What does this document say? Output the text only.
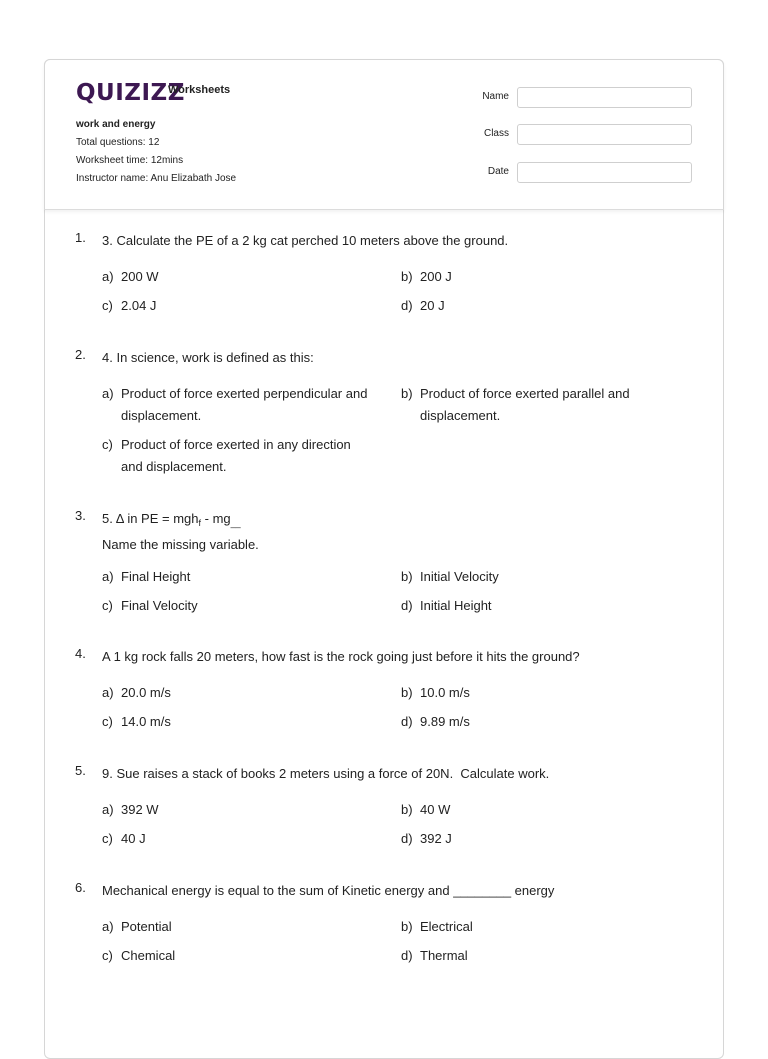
QUIZIZZ
Worksheets
work and energy
Total questions: 12
Worksheet time: 12mins
Instructor name: Anu Elizabath Jose
Name
Class
Date
1. 3. Calculate the PE of a 2 kg cat perched 10 meters above the ground.
a) 200 W	b) 200 J
c) 2.04 J	d) 20 J
2. 4. In science, work is defined as this:
a) Product of force exerted perpendicular and displacement.
b) Product of force exerted parallel and displacement.
c) Product of force exerted in any direction and displacement.
3. 5. Δ in PE = $mgh_f - mg_{\_\_}$
Name the missing variable.
a) Final Height	b) Initial Velocity
c) Final Velocity	d) Initial Height
4. A 1 kg rock falls 20 meters, how fast is the rock going just before it hits the ground?
a) 20.0 m/s	b) 10.0 m/s
c) 14.0 m/s	d) 9.89 m/s
5. 9. Sue raises a stack of books 2 meters using a force of 20N.  Calculate work.
a) 392 W	b) 40 W
c) 40 J	d) 392 J
6. Mechanical energy is equal to the sum of Kinetic energy and ________ energy
a) Potential	b) Electrical
c) Chemical	d) Thermal
